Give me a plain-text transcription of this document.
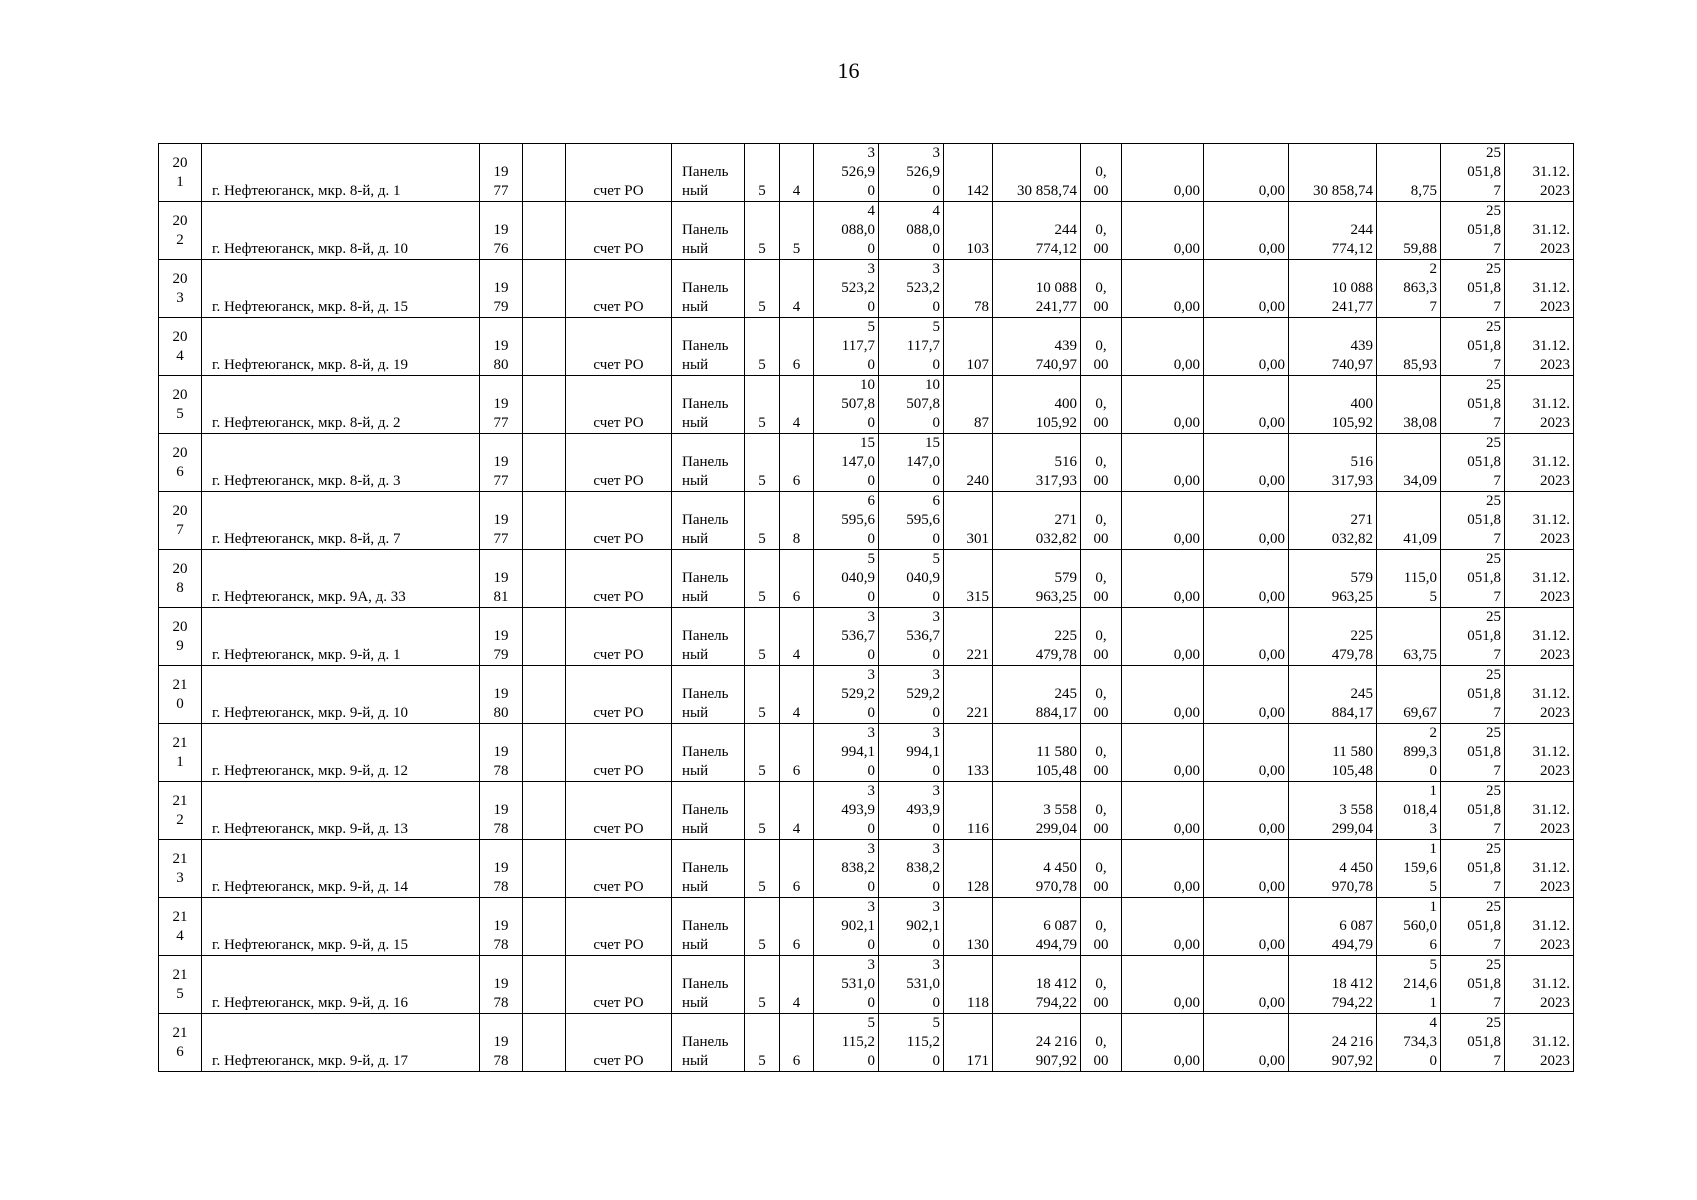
16
20
1	г. Нефтеюганск, мкр. 8-й, д. 1	19
77		счет РО	Панель
ный	5	4	3
526,9
0	3
526,9
0	142	30 858,74	0,
00	0,00	0,00	30 858,74	8,75	25
051,8
7	31.12.
2023

20
2	г. Нефтеюганск, мкр. 8-й, д. 10	19
76		счет РО	Панель
ный	5	5	4
088,0
0	4
088,0
0	103	244
774,12	0,
00	0,00	0,00	244
774,12	59,88	25
051,8
7	31.12.
2023

20
3	г. Нефтеюганск, мкр. 8-й, д. 15	19
79		счет РО	Панель
ный	5	4	3
523,2
0	3
523,2
0	78	10 088
241,77	0,
00	0,00	0,00	10 088
241,77	2
863,3
7	25
051,8
7	31.12.
2023

20
4	г. Нефтеюганск, мкр. 8-й, д. 19	19
80		счет РО	Панель
ный	5	6	5
117,7
0	5
117,7
0	107	439
740,97	0,
00	0,00	0,00	439
740,97	85,93	25
051,8
7	31.12.
2023

20
5	г. Нефтеюганск, мкр. 8-й, д. 2	19
77		счет РО	Панель
ный	5	4	10
507,8
0	10
507,8
0	87	400
105,92	0,
00	0,00	0,00	400
105,92	38,08	25
051,8
7	31.12.
2023

20
6	г. Нефтеюганск, мкр. 8-й, д. 3	19
77		счет РО	Панель
ный	5	6	15
147,0
0	15
147,0
0	240	516
317,93	0,
00	0,00	0,00	516
317,93	34,09	25
051,8
7	31.12.
2023

20
7	г. Нефтеюганск, мкр. 8-й, д. 7	19
77		счет РО	Панель
ный	5	8	6
595,6
0	6
595,6
0	301	271
032,82	0,
00	0,00	0,00	271
032,82	41,09	25
051,8
7	31.12.
2023

20
8	г. Нефтеюганск, мкр. 9А, д. 33	19
81		счет РО	Панель
ный	5	6	5
040,9
0	5
040,9
0	315	579
963,25	0,
00	0,00	0,00	579
963,25	115,0
5	25
051,8
7	31.12.
2023

20
9	г. Нефтеюганск, мкр. 9-й, д. 1	19
79		счет РО	Панель
ный	5	4	3
536,7
0	3
536,7
0	221	225
479,78	0,
00	0,00	0,00	225
479,78	63,75	25
051,8
7	31.12.
2023

21
0	г. Нефтеюганск, мкр. 9-й, д. 10	19
80		счет РО	Панель
ный	5	4	3
529,2
0	3
529,2
0	221	245
884,17	0,
00	0,00	0,00	245
884,17	69,67	25
051,8
7	31.12.
2023

21
1	г. Нефтеюганск, мкр. 9-й, д. 12	19
78		счет РО	Панель
ный	5	6	3
994,1
0	3
994,1
0	133	11 580
105,48	0,
00	0,00	0,00	11 580
105,48	2
899,3
0	25
051,8
7	31.12.
2023

21
2	г. Нефтеюганск, мкр. 9-й, д. 13	19
78		счет РО	Панель
ный	5	4	3
493,9
0	3
493,9
0	116	3 558
299,04	0,
00	0,00	0,00	3 558
299,04	1
018,4
3	25
051,8
7	31.12.
2023

21
3	г. Нефтеюганск, мкр. 9-й, д. 14	19
78		счет РО	Панель
ный	5	6	3
838,2
0	3
838,2
0	128	4 450
970,78	0,
00	0,00	0,00	4 450
970,78	1
159,6
5	25
051,8
7	31.12.
2023

21
4	г. Нефтеюганск, мкр. 9-й, д. 15	19
78		счет РО	Панель
ный	5	6	3
902,1
0	3
902,1
0	130	6 087
494,79	0,
00	0,00	0,00	6 087
494,79	1
560,0
6	25
051,8
7	31.12.
2023

21
5	г. Нефтеюганск, мкр. 9-й, д. 16	19
78		счет РО	Панель
ный	5	4	3
531,0
0	3
531,0
0	118	18 412
794,22	0,
00	0,00	0,00	18 412
794,22	5
214,6
1	25
051,8
7	31.12.
2023

21
6	г. Нефтеюганск, мкр. 9-й, д. 17	19
78		счет РО	Панель
ный	5	6	5
115,2
0	5
115,2
0	171	24 216
907,92	0,
00	0,00	0,00	24 216
907,92	4
734,3
0	25
051,8
7	31.12.
2023
